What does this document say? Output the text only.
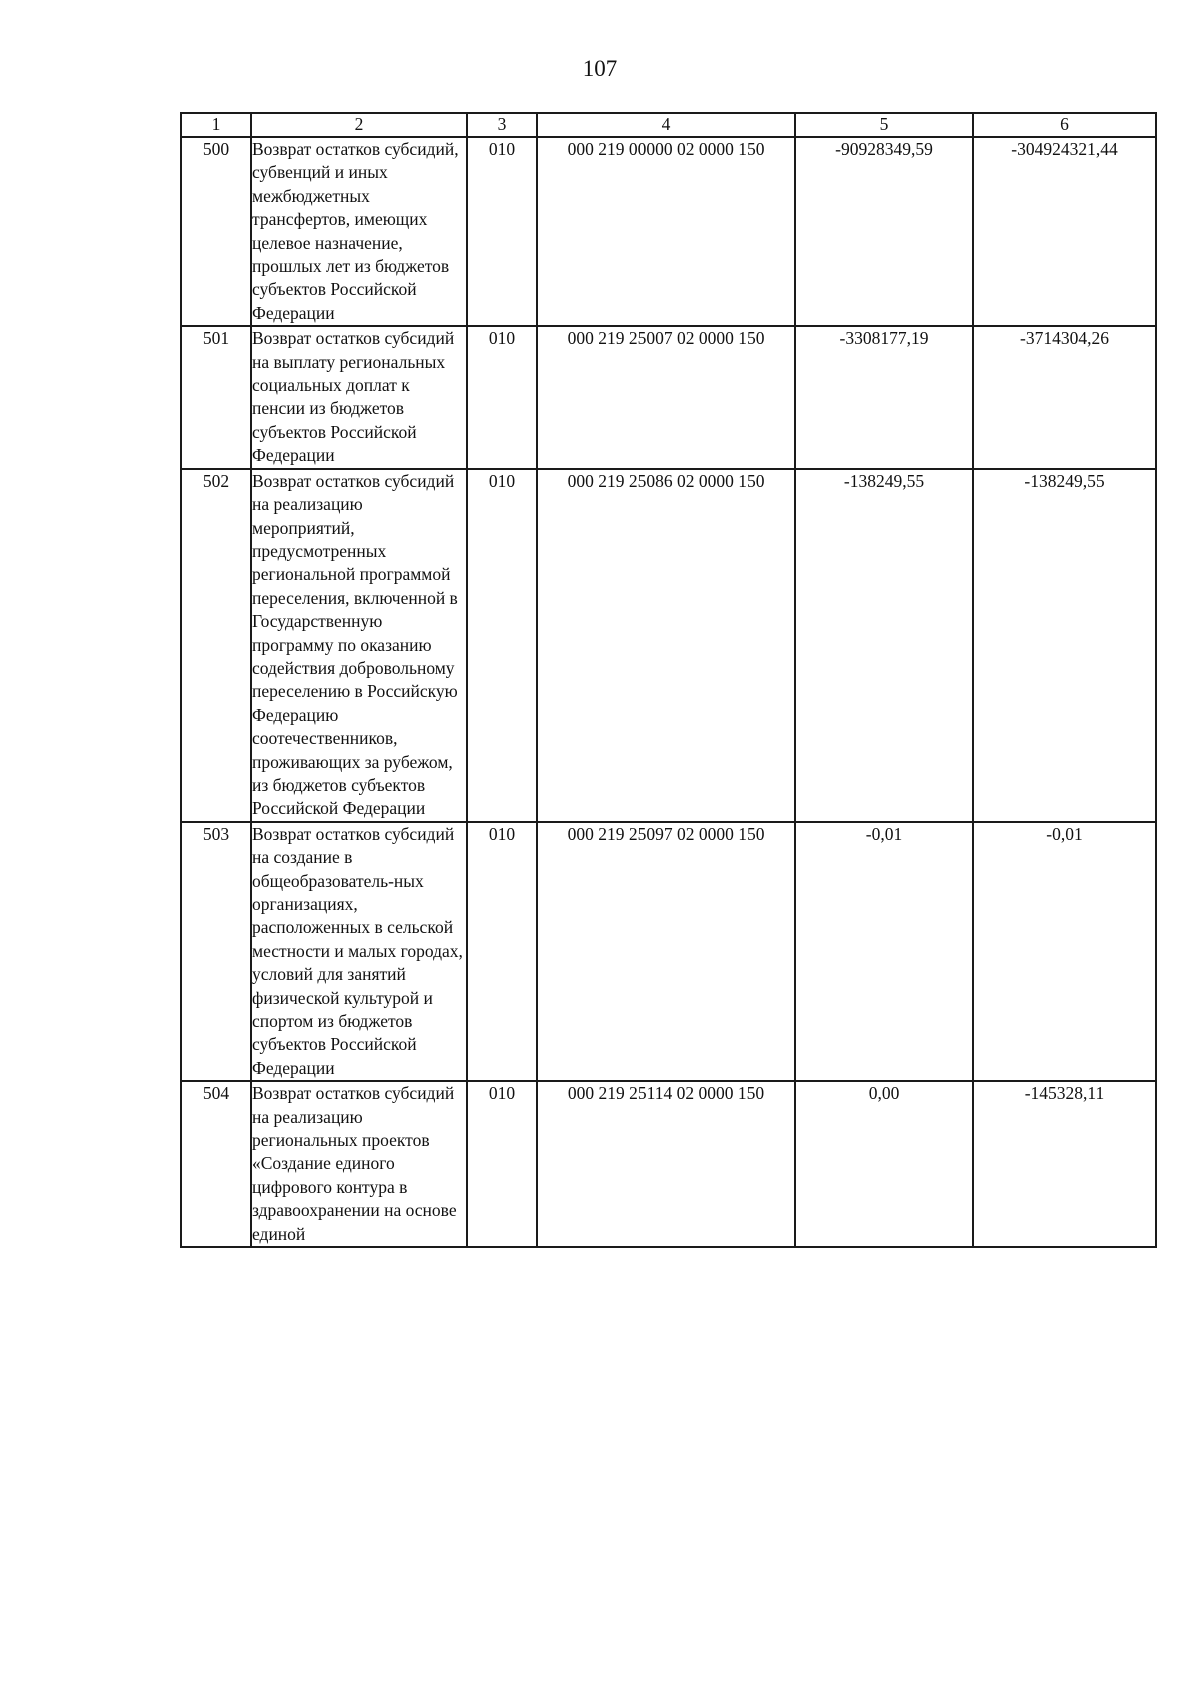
107
1	2	3	4	5	6
500	Возврат остатков субсидий, субвенций и иных межбюджетных трансфертов, имеющих целевое назначение, прошлых лет из бюджетов субъектов Российской Федерации	010	000 219 00000 02 0000 150	-90928349,59	-304924321,44
501	Возврат остатков субсидий на выплату региональных социальных доплат к пенсии из бюджетов субъектов Российской Федерации	010	000 219 25007 02 0000 150	-3308177,19	-3714304,26
502	Возврат остатков субсидий на реализацию мероприятий, предусмотренных региональной программой переселения, включенной в Государственную программу по оказанию содействия добровольному переселению в Российскую Федерацию соотечественников, проживающих за рубежом, из бюджетов субъектов Российской Федерации	010	000 219 25086 02 0000 150	-138249,55	-138249,55
503	Возврат остатков субсидий на создание в общеобразователь-ных организациях, расположенных в сельской местности и малых городах, условий для занятий физической культурой и спортом из бюджетов субъектов Российской Федерации	010	000 219 25097 02 0000 150	-0,01	-0,01
504	Возврат остатков субсидий на реализацию региональных проектов «Создание единого цифрового контура в здравоохранении на основе единой	010	000 219 25114 02 0000 150	0,00	-145328,11
